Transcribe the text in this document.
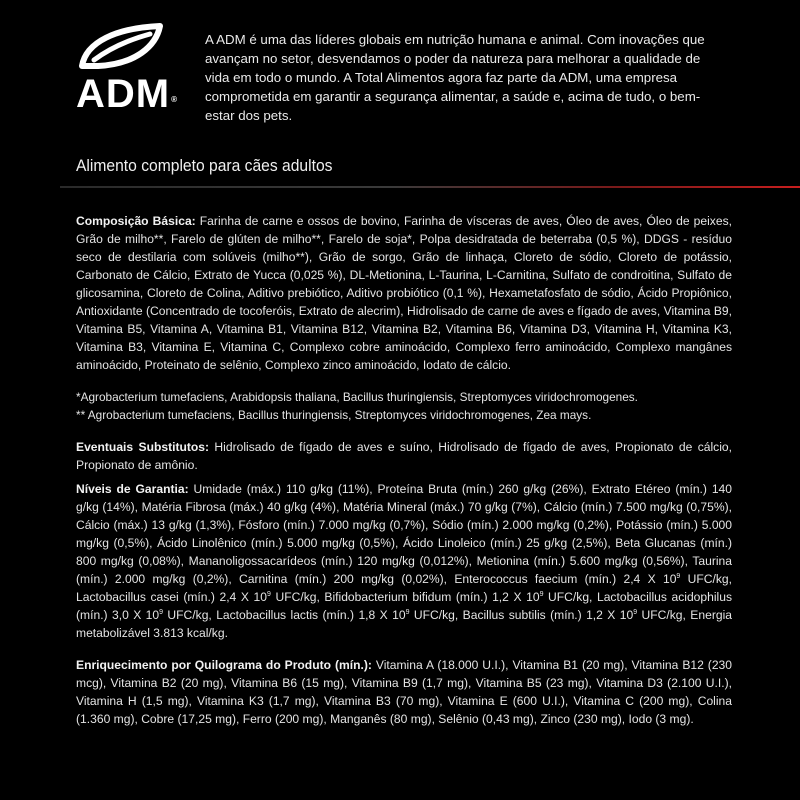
ADM®
A ADM é uma das líderes globais em nutrição humana e animal. Com inovações que avançam no setor, desvendamos o poder da natureza para melhorar a qualidade de vida em todo o mundo. A Total Alimentos agora faz parte da ADM, uma empresa comprometida em garantir a segurança alimentar, a saúde e, acima de tudo, o bem-estar dos pets.
Alimento completo para cães adultos

Composição Básica: Farinha de carne e ossos de bovino, Farinha de vísceras de aves, Óleo de aves, Óleo de peixes, Grão de milho**, Farelo de glúten de milho**, Farelo de soja*, Polpa desidratada de beterraba (0,5 %), DDGS - resíduo seco de destilaria com solúveis (milho**), Grão de sorgo, Grão de linhaça, Cloreto de sódio, Cloreto de potássio, Carbonato de Cálcio, Extrato de Yucca (0,025 %), DL-Metionina, L-Taurina, L-Carnitina, Sulfato de condroitina, Sulfato de glicosamina, Cloreto de Colina, Aditivo prebiótico, Aditivo probiótico (0,1 %), Hexametafosfato de sódio, Ácido Propiônico, Antioxidante (Concentrado de tocoferóis, Extrato de alecrim), Hidrolisado de carne de aves e fígado de aves, Vitamina B9, Vitamina B5, Vitamina A, Vitamina B1, Vitamina B12, Vitamina B2, Vitamina B6, Vitamina D3, Vitamina H, Vitamina K3, Vitamina B3, Vitamina E, Vitamina C, Complexo cobre aminoácido, Complexo ferro aminoácido, Complexo mangânes aminoácido, Proteinato de selênio, Complexo zinco aminoácido, Iodato de cálcio.

*Agrobacterium tumefaciens, Arabidopsis thaliana, Bacillus thuringiensis, Streptomyces viridochromogenes.
** Agrobacterium tumefaciens, Bacillus thuringiensis, Streptomyces viridochromogenes, Zea mays.

Eventuais Substitutos: Hidrolisado de fígado de aves e suíno, Hidrolisado de fígado de aves, Propionato de cálcio, Propionato de amônio.

Níveis de Garantia: Umidade (máx.) 110 g/kg (11%), Proteína Bruta (mín.) 260 g/kg (26%), Extrato Etéreo (mín.) 140 g/kg (14%), Matéria Fibrosa (máx.) 40 g/kg (4%), Matéria Mineral (máx.) 70 g/kg (7%), Cálcio (mín.) 7.500 mg/kg (0,75%), Cálcio (máx.) 13 g/kg (1,3%), Fósforo (mín.) 7.000 mg/kg (0,7%), Sódio (mín.) 2.000 mg/kg (0,2%), Potássio (mín.) 5.000 mg/kg (0,5%), Ácido Linolênico (mín.) 5.000 mg/kg (0,5%), Ácido Linoleico (mín.) 25 g/kg (2,5%), Beta Glucanas (mín.) 800 mg/kg (0,08%), Mananoligossacarídeos (mín.) 120 mg/kg (0,012%), Metionina (mín.) 5.600 mg/kg (0,56%), Taurina (mín.) 2.000 mg/kg (0,2%), Carnitina (mín.) 200 mg/kg (0,02%), Enterococcus faecium (mín.) 2,4 X $10^9$ UFC/kg, Lactobacillus casei (mín.) 2,4 X $10^9$ UFC/kg, Bifidobacterium bifidum (mín.) 1,2 X $10^9$ UFC/kg, Lactobacillus acidophilus (mín.) 3,0 X $10^9$ UFC/kg, Lactobacillus lactis (mín.) 1,8 X $10^9$ UFC/kg, Bacillus subtilis (mín.) 1,2 X $10^9$ UFC/kg, Energia metabolizável 3.813 kcal/kg.

Enriquecimento por Quilograma do Produto (mín.): Vitamina A (18.000 U.I.), Vitamina B1 (20 mg), Vitamina B12 (230 mcg), Vitamina B2 (20 mg), Vitamina B6 (15 mg), Vitamina B9 (1,7 mg), Vitamina B5 (23 mg), Vitamina D3 (2.100 U.I.), Vitamina H (1,5 mg), Vitamina K3 (1,7 mg), Vitamina B3 (70 mg), Vitamina E (600 U.I.), Vitamina C (200 mg), Colina (1.360 mg), Cobre (17,25 mg), Ferro (200 mg), Manganês (80 mg), Selênio (0,43 mg), Zinco (230 mg), Iodo (3 mg).
